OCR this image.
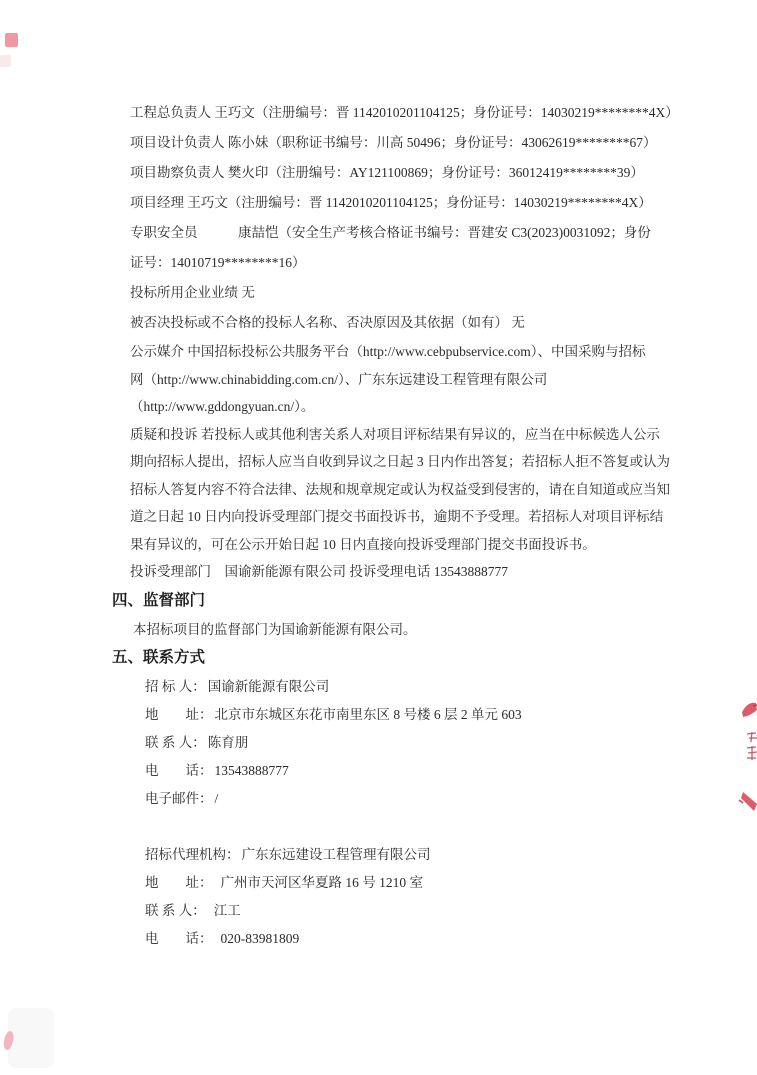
工程总负责人 王巧文（注册编号：晋 1142010201104125；身份证号：14030219********4X）

项目设计负责人 陈小妹（职称证书编号：川高 50496；身份证号：43062619********67）

项目勘察负责人 樊火印（注册编号：AY121100869；身份证号：36012419********39）

项目经理 王巧文（注册编号：晋 1142010201104125；身份证号：14030219********4X）

专职安全员　　　康喆恺（安全生产考核合格证书编号：晋建安 C3(2023)0031092；身份

证号：14010719********16）

投标所用企业业绩 无

被否决投标或不合格的投标人名称、否决原因及其依据（如有） 无

公示媒介 中国招标投标公共服务平台（http://www.cebpubservice.com）、中国采购与招标

网（http://www.chinabidding.com.cn/）、广东东远建设工程管理有限公司

（http://www.gddongyuan.cn/）。

质疑和投诉 若投标人或其他利害关系人对项目评标结果有异议的，应当在中标候选人公示

期向招标人提出，招标人应当自收到异议之日起 3 日内作出答复；若招标人拒不答复或认为

招标人答复内容不符合法律、法规和规章规定或认为权益受到侵害的，请在自知道或应当知

道之日起 10 日内向投诉受理部门提交书面投诉书，逾期不予受理。若招标人对项目评标结

果有异议的，可在公示开始日起 10 日内直接向投诉受理部门提交书面投诉书。

投诉受理部门　国谕新能源有限公司 投诉受理电话 13543888777

四、监督部门

本招标项目的监督部门为国谕新能源有限公司。

五、联系方式

招 标 人： 国谕新能源有限公司

地　　址： 北京市东城区东花市南里东区 8 号楼 6 层 2 单元 603

联 系 人： 陈育朋

电　　话： 13543888777

电子邮件： /

招标代理机构： 广东东远建设工程管理有限公司

地　　址： 广州市天河区华夏路 16 号 1210 室

联 系 人： 江工

电　　话： 020-83981809
